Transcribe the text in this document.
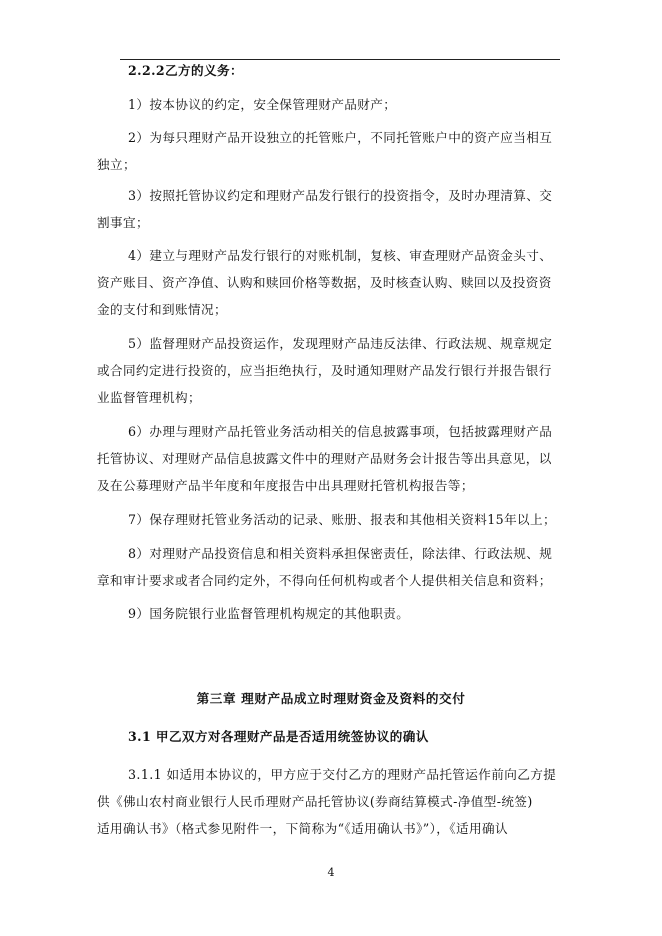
2.2.2乙方的义务：
1）按本协议的约定，安全保管理财产品财产；
2）为每只理财产品开设独立的托管账户，不同托管账户中的资产应当相互
独立；
3）按照托管协议约定和理财产品发行银行的投资指令，及时办理清算、交
割事宜；
4）建立与理财产品发行银行的对账机制，复核、审查理财产品资金头寸、
资产账目、资产净值、认购和赎回价格等数据，及时核查认购、赎回以及投资资
金的支付和到账情况；
5）监督理财产品投资运作，发现理财产品违反法律、行政法规、规章规定
或合同约定进行投资的，应当拒绝执行，及时通知理财产品发行银行并报告银行
业监督管理机构；
6）办理与理财产品托管业务活动相关的信息披露事项，包括披露理财产品
托管协议、对理财产品信息披露文件中的理财产品财务会计报告等出具意见，以
及在公募理财产品半年度和年度报告中出具理财托管机构报告等；
7）保存理财托管业务活动的记录、账册、报表和其他相关资料15年以上；
8）对理财产品投资信息和相关资料承担保密责任，除法律、行政法规、规
章和审计要求或者合同约定外，不得向任何机构或者个人提供相关信息和资料；
9）国务院银行业监督管理机构规定的其他职责。
第三章 理财产品成立时理财资金及资料的交付
3.1 甲乙双方对各理财产品是否适用统签协议的确认
3.1.1 如适用本协议的，甲方应于交付乙方的理财产品托管运作前向乙方提
供《佛山农村商业银行人民币理财产品托管协议(券商结算模式-净值型-统签)
适用确认书》（格式参见附件一，下简称为“《适用确认书》”），《适用确认
4
